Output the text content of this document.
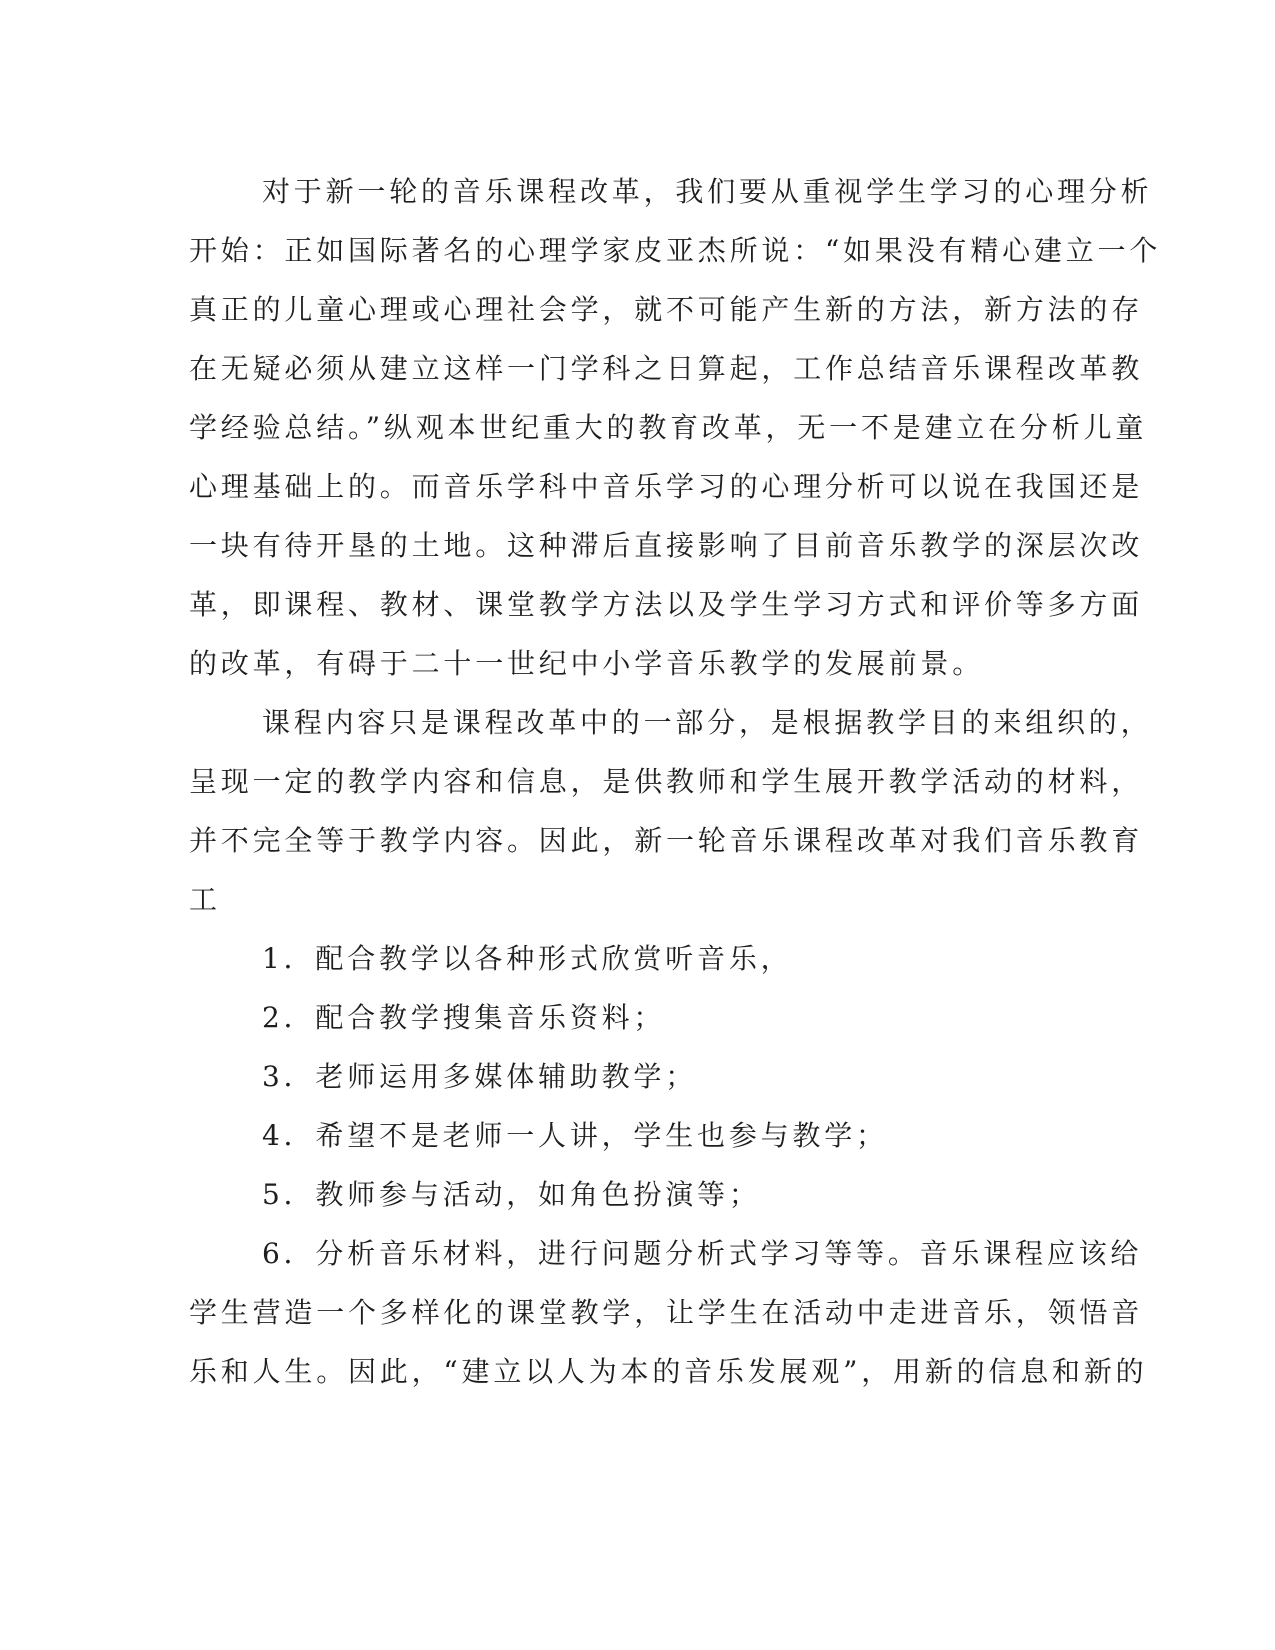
对于新一轮的音乐课程改革，我们要从重视学生学习的心理分析
开始：正如国际著名的心理学家皮亚杰所说：“如果没有精心建立一个
真正的儿童心理或心理社会学，就不可能产生新的方法，新方法的存
在无疑必须从建立这样一门学科之日算起，工作总结音乐课程改革教
学经验总结。”纵观本世纪重大的教育改革，无一不是建立在分析儿童
心理基础上的。而音乐学科中音乐学习的心理分析可以说在我国还是
一块有待开垦的土地。这种滞后直接影响了目前音乐教学的深层次改
革，即课程、教材、课堂教学方法以及学生学习方式和评价等多方面
的改革，有碍于二十一世纪中小学音乐教学的发展前景。
课程内容只是课程改革中的一部分，是根据教学目的来组织的，
呈现一定的教学内容和信息，是供教师和学生展开教学活动的材料，
并不完全等于教学内容。因此，新一轮音乐课程改革对我们音乐教育
工
1．配合教学以各种形式欣赏听音乐，
2．配合教学搜集音乐资料；
3．老师运用多媒体辅助教学；
4．希望不是老师一人讲，学生也参与教学；
5．教师参与活动，如角色扮演等；
6．分析音乐材料，进行问题分析式学习等等。音乐课程应该给
学生营造一个多样化的课堂教学，让学生在活动中走进音乐，领悟音
乐和人生。因此，“建立以人为本的音乐发展观”，用新的信息和新的
